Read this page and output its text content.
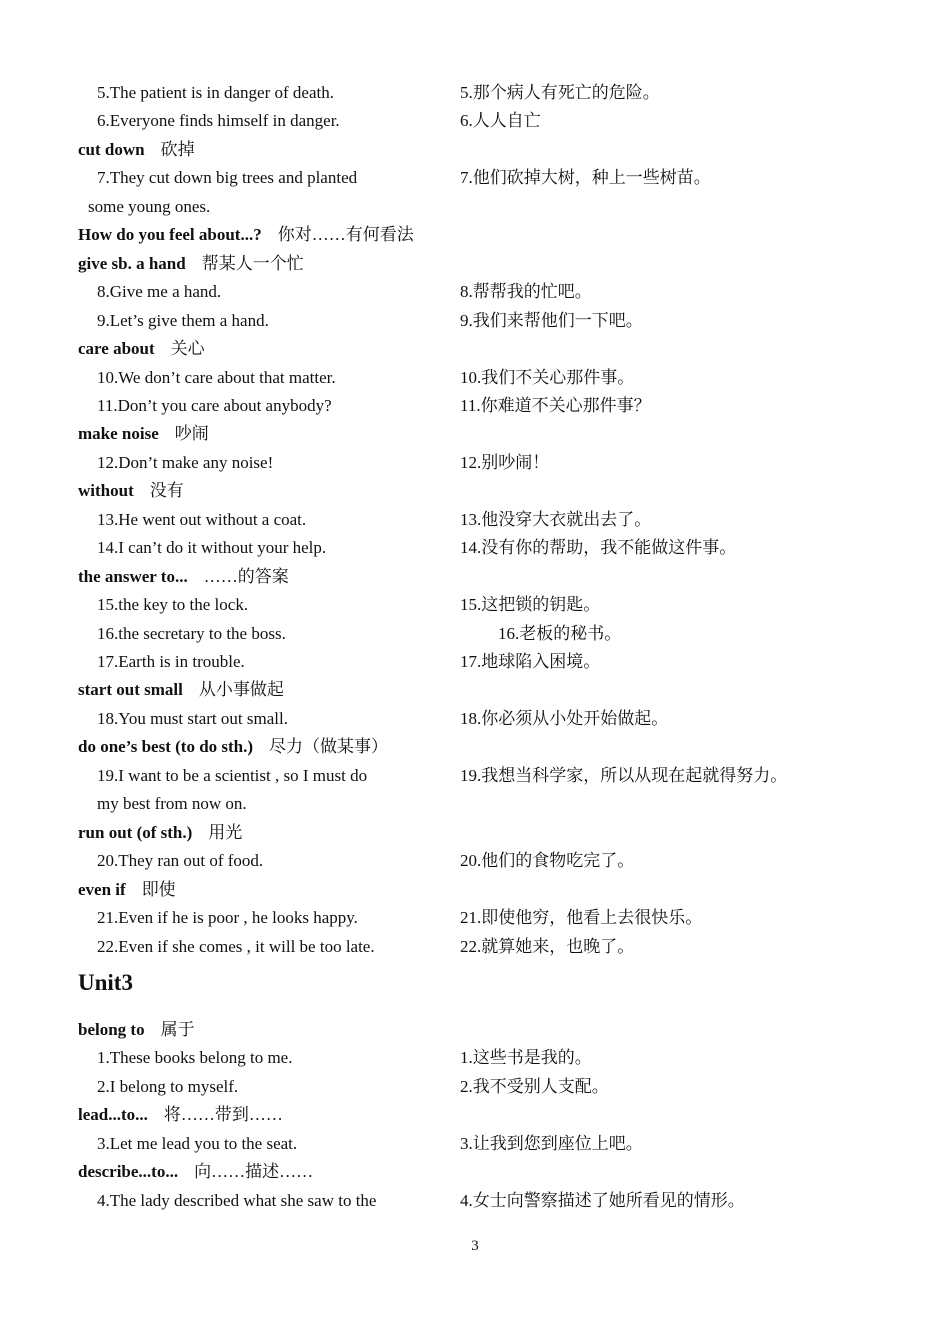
5.The patient is in danger of death.	5.那个病人有死亡的危险。
6.Everyone finds himself in danger.	6.人人自亡
cut down 砍掉
7.They cut down big trees and planted	7.他们砍掉大树，种上一些树苗。
some young ones.
How do you feel about...? 你对……有何看法
give sb. a hand 帮某人一个忙
8.Give me a hand.	8.帮帮我的忙吧。
9.Let’s give them a hand.	9.我们来帮他们一下吧。
care about 关心
10.We don’t care about that matter.	10.我们不关心那件事。
11.Don’t you care about anybody?	11.你难道不关心那件事？
make noise 吵闹
12.Don’t make any noise!	12.别吵闹！
without 没有
13.He went out without a coat.	13.他没穿大衣就出去了。
14.I can’t do it without your help.	14.没有你的帮助，我不能做这件事。
the answer to... ……的答案
15.the key to the lock.	15.这把锁的钥匙。
16.the secretary to the boss.	16.老板的秘书。
17.Earth is in trouble.	17.地球陷入困境。
start out small 从小事做起
18.You must start out small.	18.你必须从小处开始做起。
do one’s best (to do sth.) 尽力（做某事）
19.I want to be a scientist , so I must do	19.我想当科学家，所以从现在起就得努力。
my best from now on.
run out (of sth.) 用光
20.They ran out of food.	20.他们的食物吃完了。
even if 即使
21.Even if he is poor , he looks happy.	21.即使他穷，他看上去很快乐。
22.Even if she comes , it will be too late.	22.就算她来，也晚了。
belong to 属于
1.These books belong to me.	1.这些书是我的。
2.I belong to myself.	2.我不受别人支配。
lead...to... 将……带到……
3.Let me lead you to the seat.	3.让我到您到座位上吧。
describe...to... 向……描述……
4.The lady described what she saw to the	4.女士向警察描述了她所看见的情形。
Unit3
3
